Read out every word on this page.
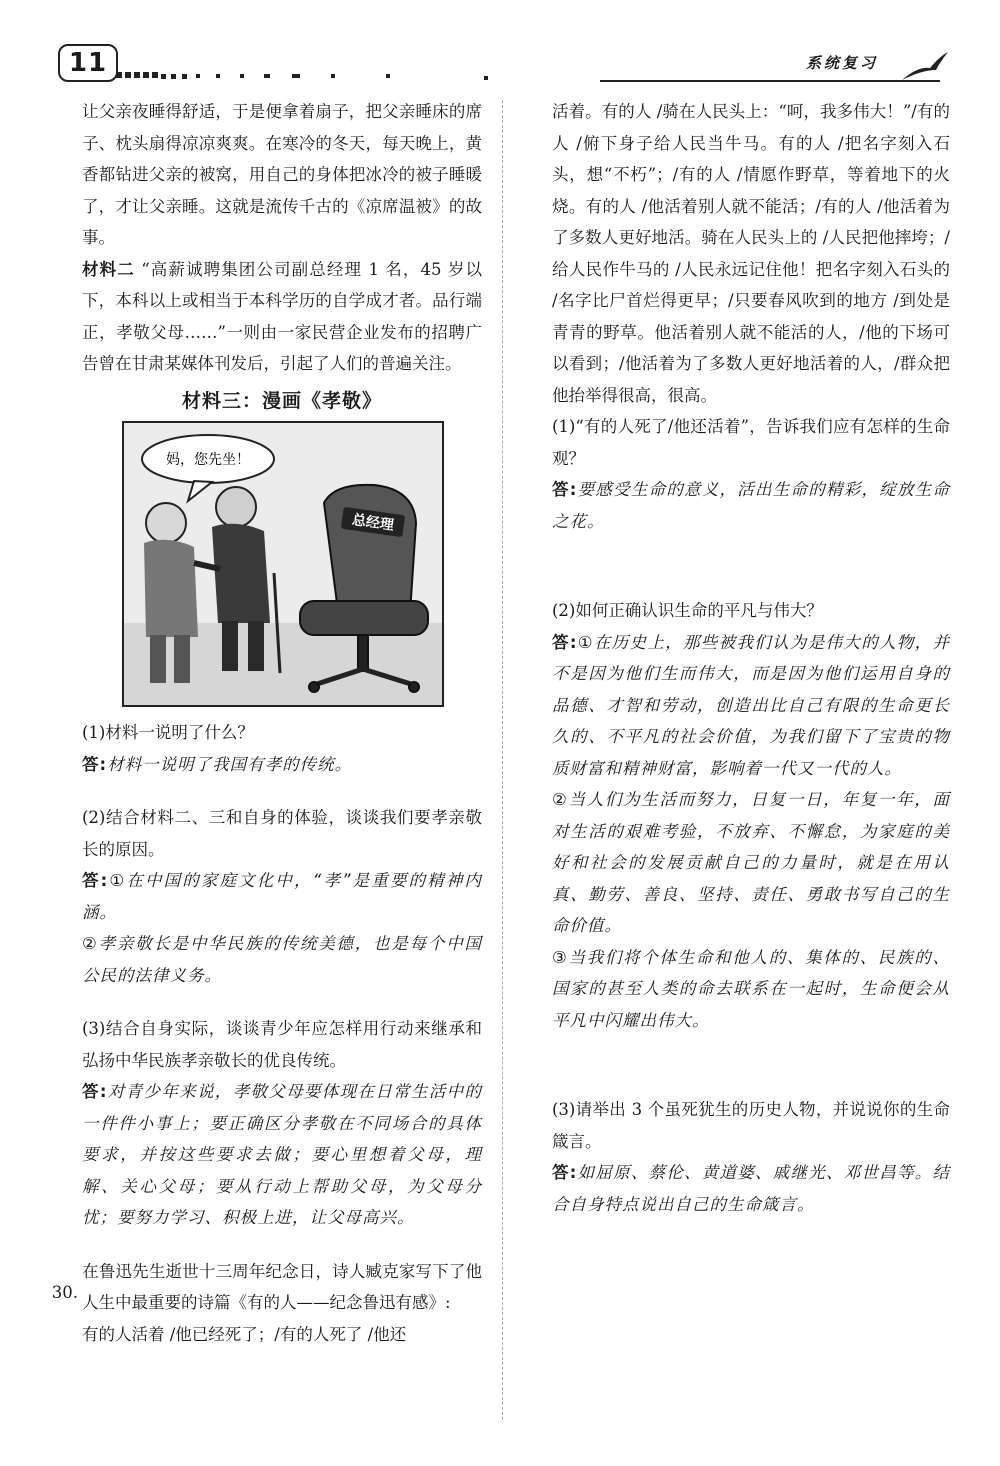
11	系统复习

让父亲夜睡得舒适，于是便拿着扇子，把父亲睡床的席子、枕头扇得凉凉爽爽。在寒冷的冬天，每天晚上，黄香都钻进父亲的被窝，用自己的身体把冰冷的被子睡暖了，才让父亲睡。这就是流传千古的《凉席温被》的故事。

材料二 “高薪诚聘集团公司副总经理 1 名，45 岁以下，本科以上或相当于本科学历的自学成才者。品行端正，孝敬父母……”一则由一家民营企业发布的招聘广告曾在甘肃某媒体刊发后，引起了人们的普遍关注。

材料三：漫画《孝敬》
妈，您先坐！
总经理

(1)材料一说明了什么？

答:材料一说明了我国有孝的传统。

(2)结合材料二、三和自身的体验，谈谈我们要孝亲敬长的原因。

答:①在中国的家庭文化中，“孝”是重要的精神内涵。

②孝亲敬长是中华民族的传统美德，也是每个中国公民的法律义务。

(3)结合自身实际，谈谈青少年应怎样用行动来继承和弘扬中华民族孝亲敬长的优良传统。

答:对青少年来说，孝敬父母要体现在日常生活中的一件件小事上；要正确区分孝敬在不同场合的具体要求，并按这些要求去做；要心里想着父母，理解、关心父母；要从行动上帮助父母，为父母分忧；要努力学习、积极上进，让父母高兴。

30.
在鲁迅先生逝世十三周年纪念日，诗人臧克家写下了他人生中最重要的诗篇《有的人——纪念鲁迅有感》:

有的人活着 /他已经死了；/有的人死了 /他还

活着。有的人 /骑在人民头上：“呵，我多伟大！”/有的人 /俯下身子给人民当牛马。有的人 /把名字刻入石头，想“不朽”；/有的人 /情愿作野草，等着地下的火烧。有的人 /他活着别人就不能活；/有的人 /他活着为了多数人更好地活。骑在人民头上的 /人民把他摔垮；/给人民作牛马的 /人民永远记住他！把名字刻入石头的 /名字比尸首烂得更早；/只要春风吹到的地方 /到处是青青的野草。他活着别人就不能活的人，/他的下场可以看到；/他活着为了多数人更好地活着的人，/群众把他抬举得很高，很高。

(1)“有的人死了/他还活着”，告诉我们应有怎样的生命观？

答:要感受生命的意义，活出生命的精彩，绽放生命之花。

(2)如何正确认识生命的平凡与伟大？

答:①在历史上，那些被我们认为是伟大的人物，并不是因为他们生而伟大，而是因为他们运用自身的品德、才智和劳动，创造出比自己有限的生命更长久的、不平凡的社会价值，为我们留下了宝贵的物质财富和精神财富，影响着一代又一代的人。

②当人们为生活而努力，日复一日，年复一年，面对生活的艰难考验，不放弃、不懈怠，为家庭的美好和社会的发展贡献自己的力量时，就是在用认真、勤劳、善良、坚持、责任、勇敢书写自己的生命价值。

③当我们将个体生命和他人的、集体的、民族的、国家的甚至人类的命去联系在一起时，生命便会从平凡中闪耀出伟大。

(3)请举出 3 个虽死犹生的历史人物，并说说你的生命箴言。

答:如屈原、蔡伦、黄道婆、戚继光、邓世昌等。结合自身特点说出自己的生命箴言。
